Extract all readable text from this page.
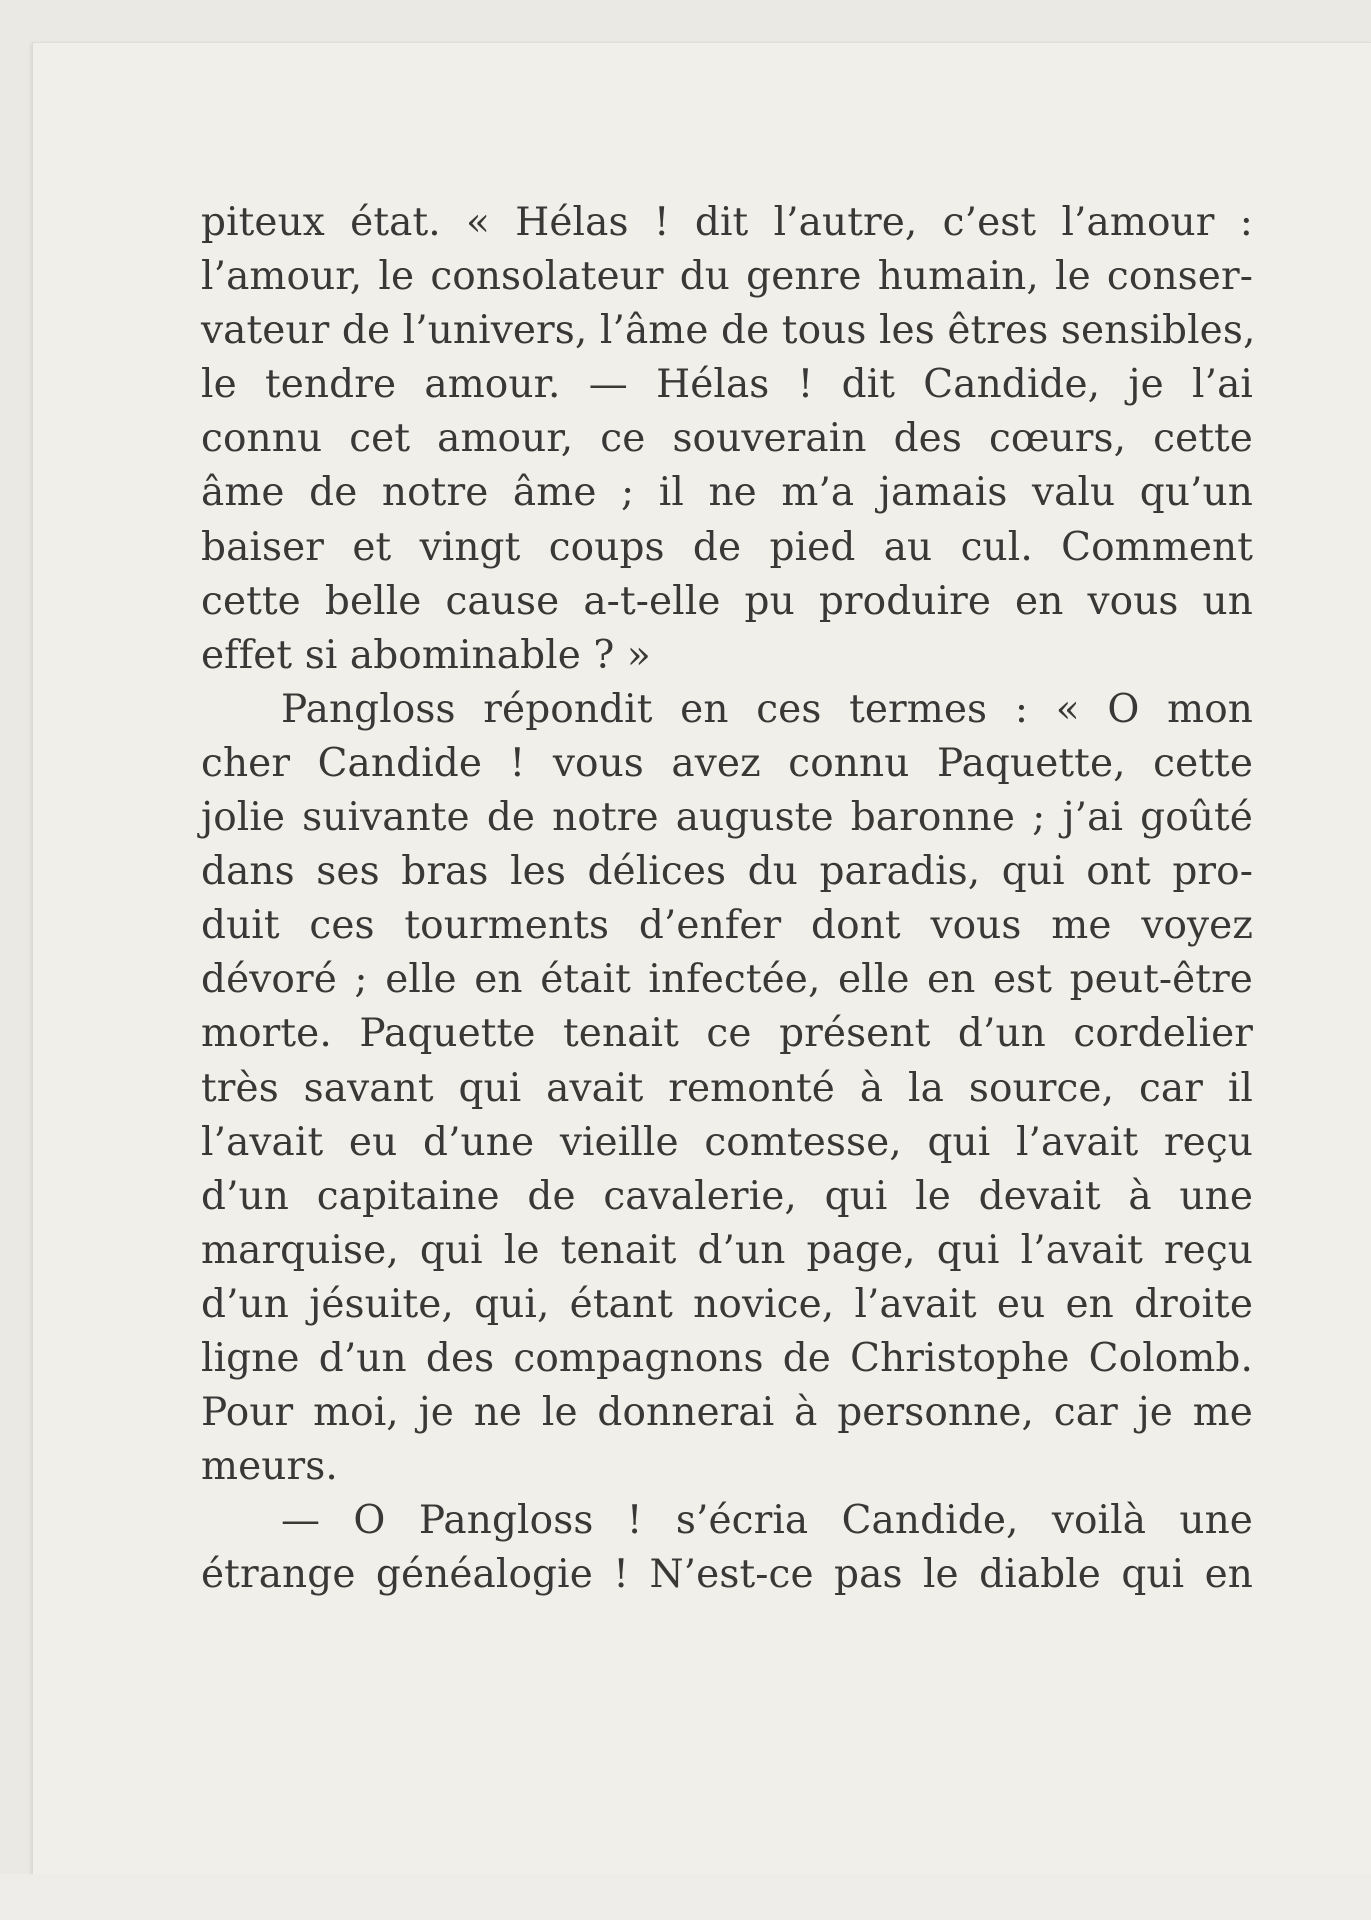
piteux état. « Hélas ! dit l’autre, c’est l’amour :
l’amour, le consolateur du genre humain, le conser-
vateur de l’univers, l’âme de tous les êtres sensibles,
le tendre amour. — Hélas ! dit Candide, je l’ai
connu cet amour, ce souverain des cœurs, cette
âme de notre âme ; il ne m’a jamais valu qu’un
baiser et vingt coups de pied au cul. Comment
cette belle cause a-t-elle pu produire en vous un
effet si abominable ? »
Pangloss répondit en ces termes : « O mon
cher Candide ! vous avez connu Paquette, cette
jolie suivante de notre auguste baronne ; j’ai goûté
dans ses bras les délices du paradis, qui ont pro-
duit ces tourments d’enfer dont vous me voyez
dévoré ; elle en était infectée, elle en est peut-être
morte. Paquette tenait ce présent d’un cordelier
très savant qui avait remonté à la source, car il
l’avait eu d’une vieille comtesse, qui l’avait reçu
d’un capitaine de cavalerie, qui le devait à une
marquise, qui le tenait d’un page, qui l’avait reçu
d’un jésuite, qui, étant novice, l’avait eu en droite
ligne d’un des compagnons de Christophe Colomb.
Pour moi, je ne le donnerai à personne, car je me
meurs.
— O Pangloss ! s’écria Candide, voilà une
étrange généalogie ! N’est-ce pas le diable qui en
